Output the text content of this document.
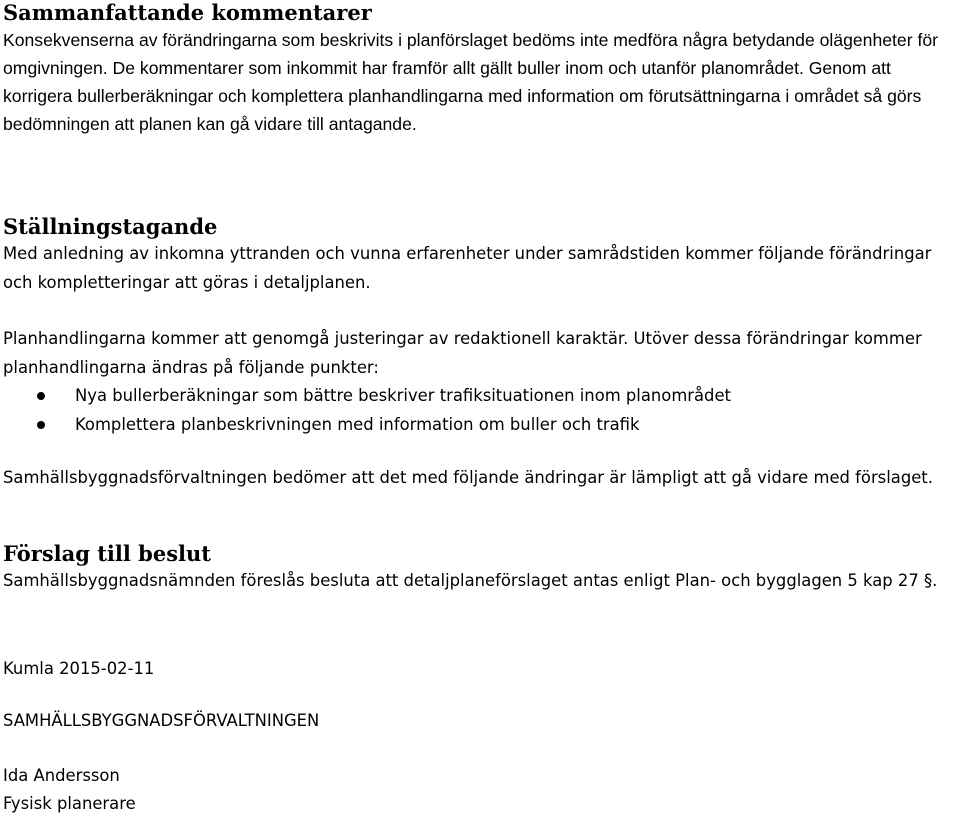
Sammanfattande kommentarer

Konsekvenserna av förändringarna som beskrivits i planförslaget bedöms inte medföra några betydande olägenheter för omgivningen. De kommentarer som inkommit har framför allt gällt buller inom och utanför planområdet. Genom att korrigera bullerberäkningar och komplettera planhandlingarna med information om förutsättningarna i området så görs bedömningen att planen kan gå vidare till antagande.

Ställningstagande

Med anledning av inkomna yttranden och vunna erfarenheter under samrådstiden kommer följande förändringar och kompletteringar att göras i detaljplanen.

Planhandlingarna kommer att genomgå justeringar av redaktionell karaktär. Utöver dessa förändringar kommer planhandlingarna ändras på följande punkter:

Nya bullerberäkningar som bättre beskriver trafiksituationen inom planområdet
Komplettera planbeskrivningen med information om buller och trafik

Samhällsbyggnadsförvaltningen bedömer att det med följande ändringar är lämpligt att gå vidare med förslaget.

Förslag till beslut

Samhällsbyggnadsnämnden föreslås besluta att detaljplaneförslaget antas enligt Plan- och bygglagen 5 kap 27 §.

Kumla 2015-02-11

SAMHÄLLSBYGGNADSFÖRVALTNINGEN

Ida Andersson

Fysisk planerare
